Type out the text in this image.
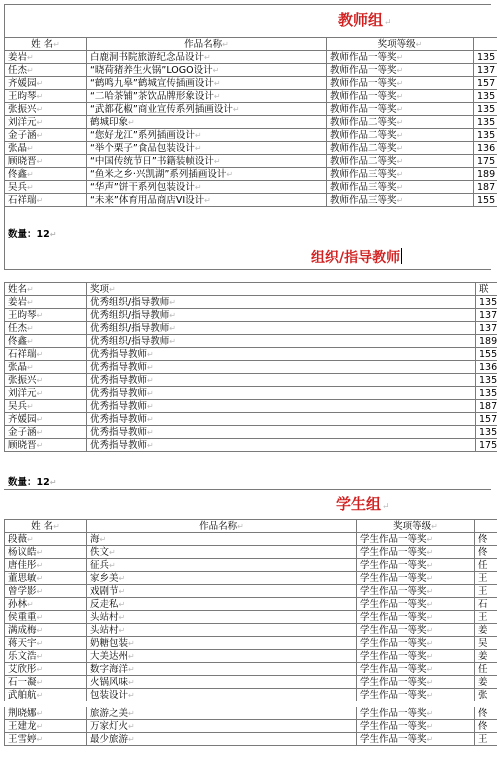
教师组↵
姓 名↵	作品名称↵	奖项等级↵	
姜岩↵	白鹿洞书院旅游纪念品设计↵	教师作品一等奖↵	135
任杰↵	“晓荷猪养生火锅”LOGO设计↵	教师作品一等奖↵	137
齐媛园↵	“鹤鸣九皋”鹤城宣传插画设计↵	教师作品一等奖↵	157
王昀琴↵	“二哈茶铺”茶饮品牌形象设计↵	教师作品一等奖↵	135
张振兴↵	“武都花椒”商业宣传系列插画设计↵	教师作品一等奖↵	135
刘洋元↵	鹤城印象↵	教师作品二等奖↵	135
金子涵↵	“您好龙江”系列插画设计↵	教师作品二等奖↵	135
张晶↵	“举个栗子”食品包装设计↵	教师作品二等奖↵	136
顾晓晋↵	“中国传统节日”书籍装帧设计↵	教师作品二等奖↵	175
佟鑫↵	“鱼米之乡·兴凯湖”系列插画设计↵	教师作品三等奖↵	189
吴兵↵	“华声”饼干系列包装设计↵	教师作品三等奖↵	187
石祥瑞↵	“未来”体育用品商店VI设计↵	教师作品三等奖↵	155
数量：12↵
组织/指导教师
姓名↵	奖项↵	联
姜岩↵	优秀组织/指导教师↵	135
王昀琴↵	优秀组织/指导教师↵	137
任杰↵	优秀组织/指导教师↵	137
佟鑫↵	优秀组织/指导教师↵	189
石祥瑞↵	优秀指导教师↵	155
张晶↵	优秀指导教师↵	136
张振兴↵	优秀指导教师↵	135
刘洋元↵	优秀指导教师↵	135
吴兵↵	优秀指导教师↵	187
齐媛园↵	优秀指导教师↵	157
金子涵↵	优秀指导教师↵	135
顾晓晋↵	优秀指导教师↵	175
数量：12↵
学生组↵
姓 名↵	作品名称↵	奖项等级↵	
段薇↵	海↵	学生作品一等奖↵	佟
杨议皓↵	佚文↵	学生作品一等奖↵	佟
唐佳彤↵	征兵↵	学生作品一等奖↵	任
董思敏↵	家乡美↵	学生作品一等奖↵	王
曾学影↵	戏剧节↵	学生作品一等奖↵	王
孙林↵	反走私↵	学生作品一等奖↵	石
侯重重↵	头站村↵	学生作品一等奖↵	王
满成梅↵	头站村↵	学生作品一等奖↵	姜
蒋天宇↵	奶糖包装↵	学生作品一等奖↵	吴
乐文浩↵	大美达州↵	学生作品一等奖↵	姜
艾欣彤↵	数字海洋↵	学生作品一等奖↵	任
石一凝↵	火锅风味↵	学生作品一等奖↵	姜
武舶航↵	包装设计↵	学生作品一等奖↵	张
荆晓娜↵	旅游之美↵	学生作品一等奖↵	佟
王建龙↵	万家灯火↵	学生作品一等奖↵	佟
王雪婷↵	最少旅游↵	学生作品一等奖↵	王
